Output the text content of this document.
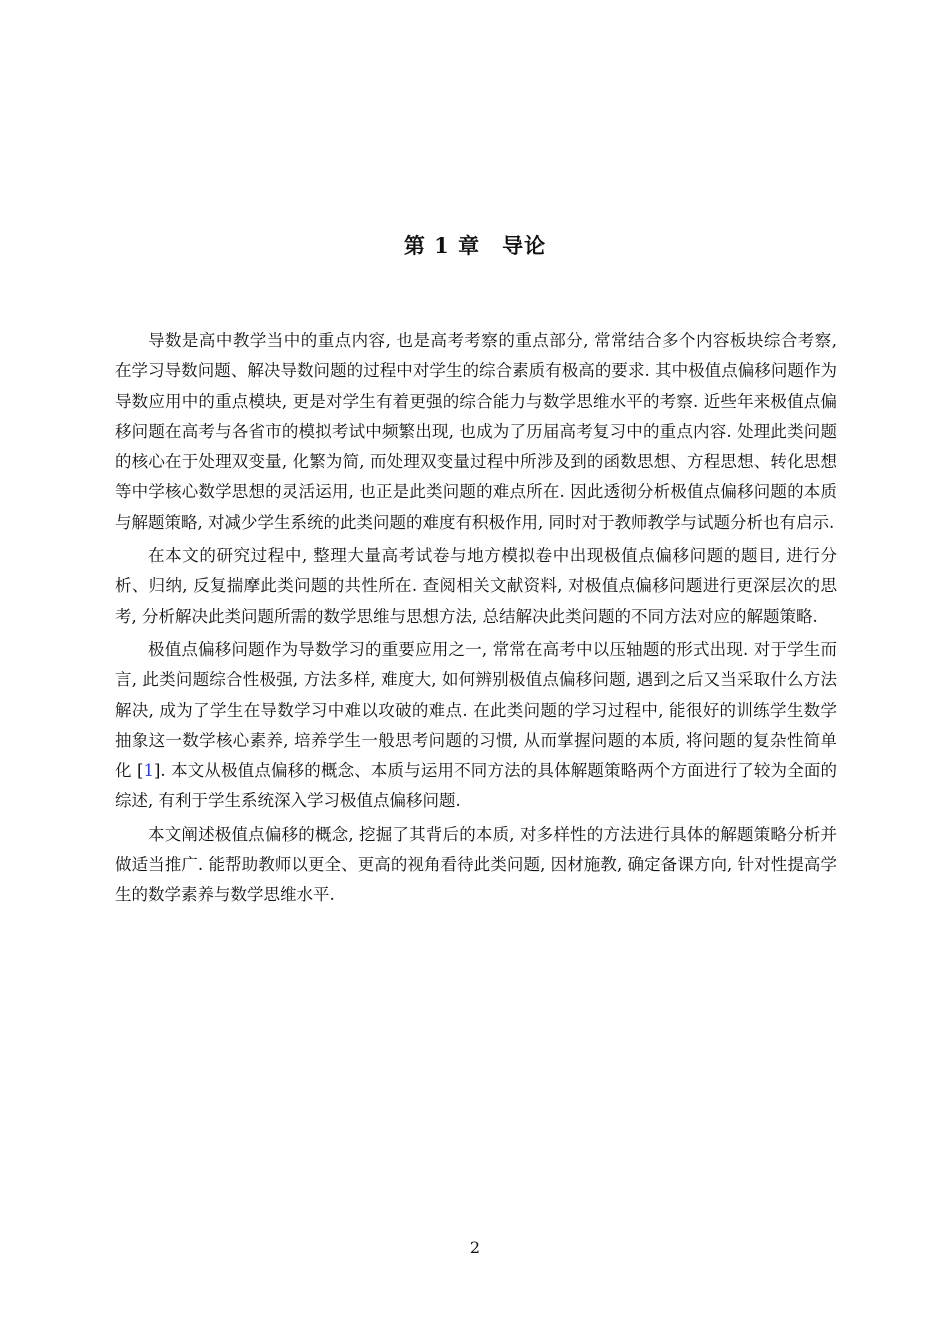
第 1 章 导论

导数是高中教学当中的重点内容, 也是高考考察的重点部分, 常常结合多个内容板块综合考察, 在学习导数问题、解决导数问题的过程中对学生的综合素质有极高的要求. 其中极值点偏移问题作为导数应用中的重点模块, 更是对学生有着更强的综合能力与数学思维水平的考察. 近些年来极值点偏移问题在高考与各省市的模拟考试中频繁出现, 也成为了历届高考复习中的重点内容. 处理此类问题的核心在于处理双变量, 化繁为简, 而处理双变量过程中所涉及到的函数思想、方程思想、转化思想等中学核心数学思想的灵活运用, 也正是此类问题的难点所在. 因此透彻分析极值点偏移问题的本质与解题策略, 对减少学生系统的此类问题的难度有积极作用, 同时对于教师教学与试题分析也有启示.

在本文的研究过程中, 整理大量高考试卷与地方模拟卷中出现极值点偏移问题的题目, 进行分析、归纳, 反复揣摩此类问题的共性所在. 查阅相关文献资料, 对极值点偏移问题进行更深层次的思考, 分析解决此类问题所需的数学思维与思想方法, 总结解决此类问题的不同方法对应的解题策略.

极值点偏移问题作为导数学习的重要应用之一, 常常在高考中以压轴题的形式出现. 对于学生而言, 此类问题综合性极强, 方法多样, 难度大, 如何辨别极值点偏移问题, 遇到之后又当采取什么方法解决, 成为了学生在导数学习中难以攻破的难点. 在此类问题的学习过程中, 能很好的训练学生数学抽象这一数学核心素养, 培养学生一般思考问题的习惯, 从而掌握问题的本质, 将问题的复杂性简单化 [1]. 本文从极值点偏移的概念、本质与运用不同方法的具体解题策略两个方面进行了较为全面的综述, 有利于学生系统深入学习极值点偏移问题.

本文阐述极值点偏移的概念, 挖掘了其背后的本质, 对多样性的方法进行具体的解题策略分析并做适当推广. 能帮助教师以更全、更高的视角看待此类问题, 因材施教, 确定备课方向, 针对性提高学生的数学素养与数学思维水平.

2
